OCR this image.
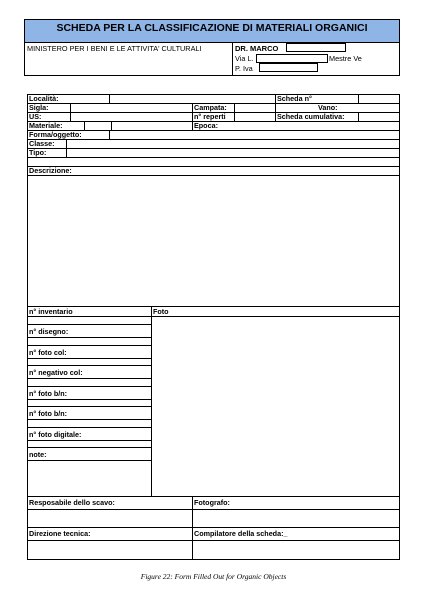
SCHEDA PER LA CLASSIFICAZIONE DI MATERIALI ORGANICI
MINISTERO PER I BENI E LE ATTIVITA' CULTURALI	DR. MARCO
Via L.	Mestre Ve
P. Iva
Località:	Scheda n°
Sigla:	Campata:	Vano:
US:	n° reperti	Scheda cumulativa:
Materiale:	Epoca:
Forma/oggetto:
Classe:
Tipo:
Descrizione:
n° inventario	Foto
n° disegno:
n° foto col:
n° negativo col:
n° foto b/n:
n° foto b/n:
n° foto digitale:
note:
Resposabile dello scavo:	Fotografo:
Direzione tecnica:	Compilatore della scheda:_
Figure 22: Form Filled Out for Organic Objects
